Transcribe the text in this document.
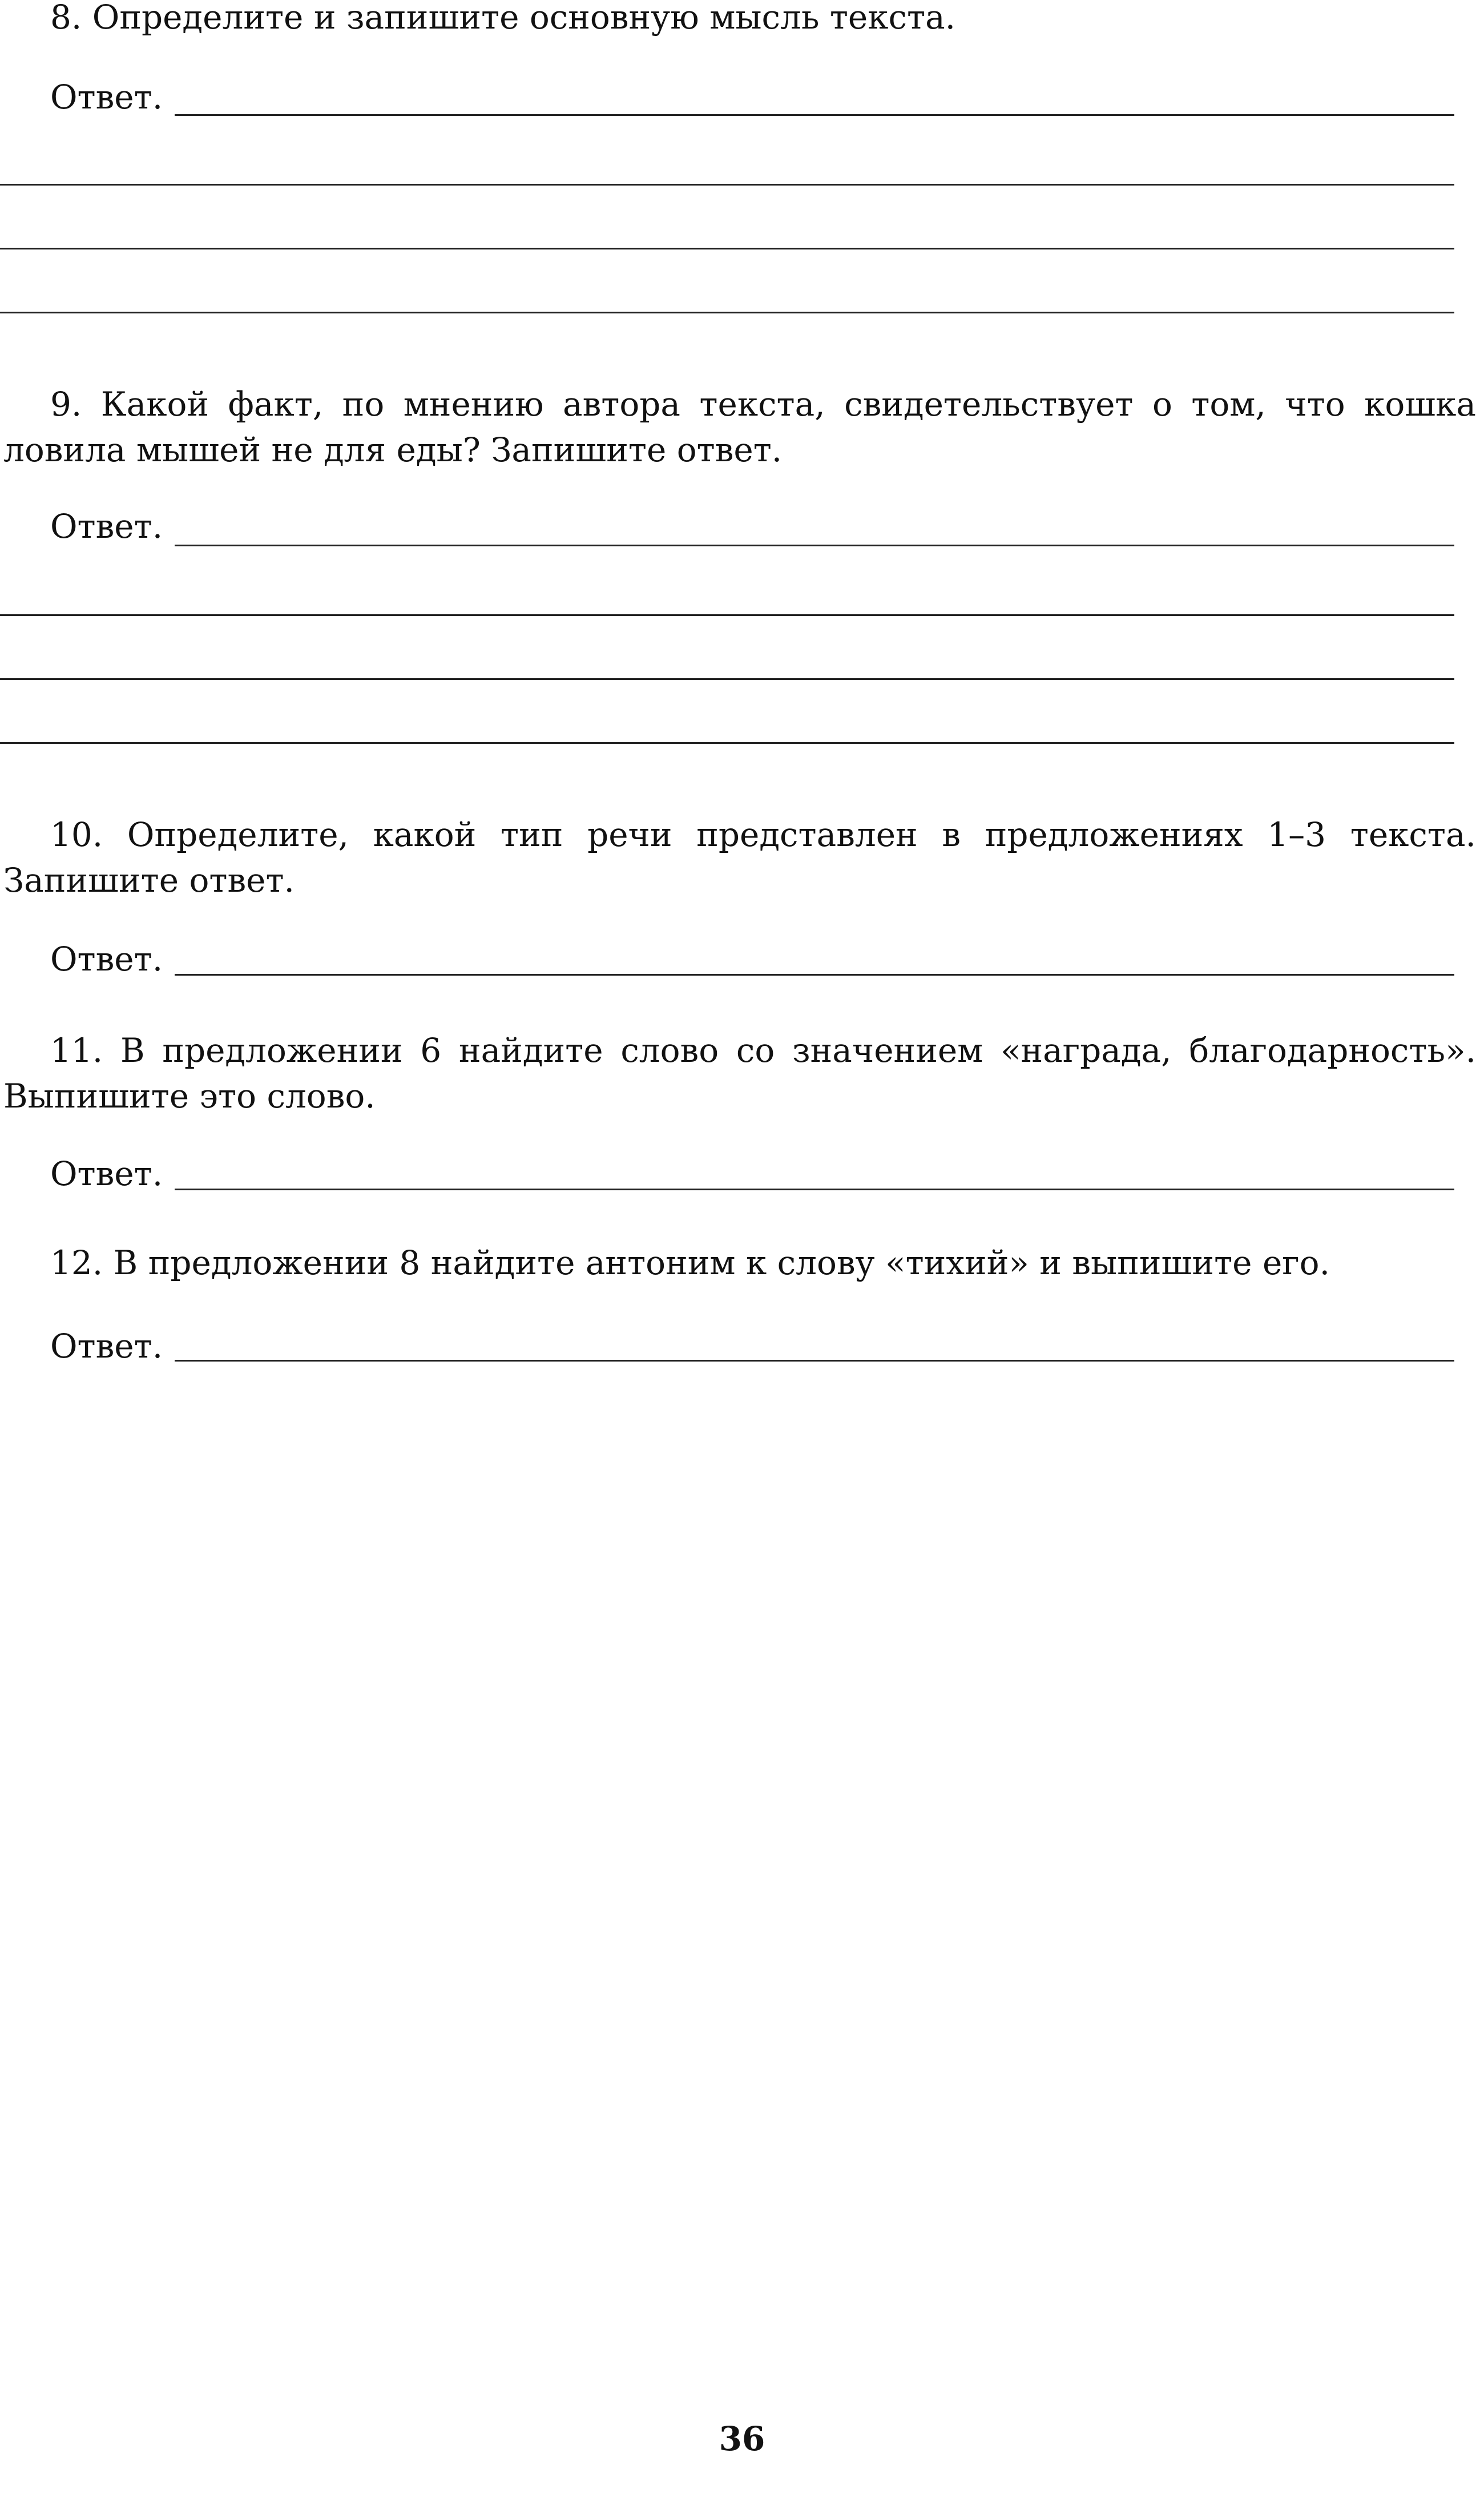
8. Определите и запишите основную мысль текста.

Ответ.

9. Какой факт, по мнению автора текста, свидетельствует о том, что кошка ловила мышей не для еды? Запишите ответ.

Ответ.

10. Определите, какой тип речи представлен в предложениях 1–3 текста. Запишите ответ.

Ответ.

11. В предложении 6 найдите слово со значением «награда, благодарность». Выпишите это слово.

Ответ.

12. В предложении 8 найдите антоним к слову «тихий» и выпишите его.

Ответ.
36
